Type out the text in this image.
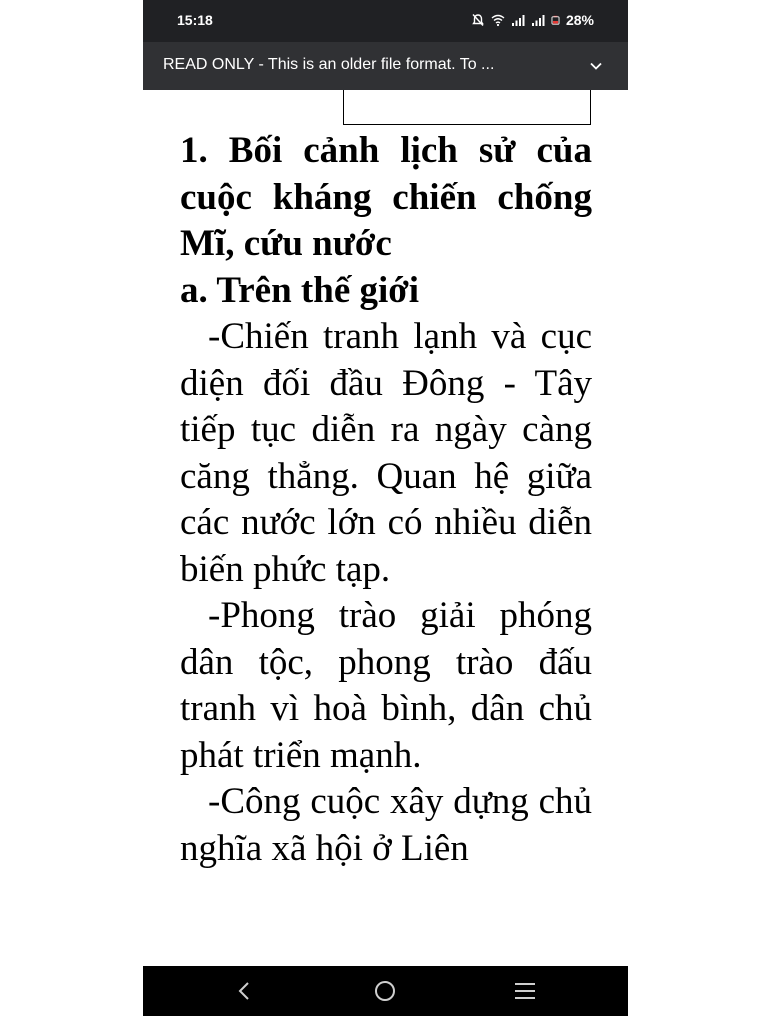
15:18	28%
READ ONLY - This is an older file format. To ...

1. Bối cảnh lịch sử của cuộc kháng chiến chống Mĩ, cứu nước

a. Trên thế giới

-Chiến tranh lạnh và cục diện đối đầu Đông - Tây tiếp tục diễn ra ngày càng căng thẳng. Quan hệ giữa các nước lớn có nhiều diễn biến phức tạp.

-Phong trào giải phóng dân tộc, phong trào đấu tranh vì hoà bình, dân chủ phát triển mạnh.

-Công cuộc xây dựng chủ nghĩa xã hội ở Liên
